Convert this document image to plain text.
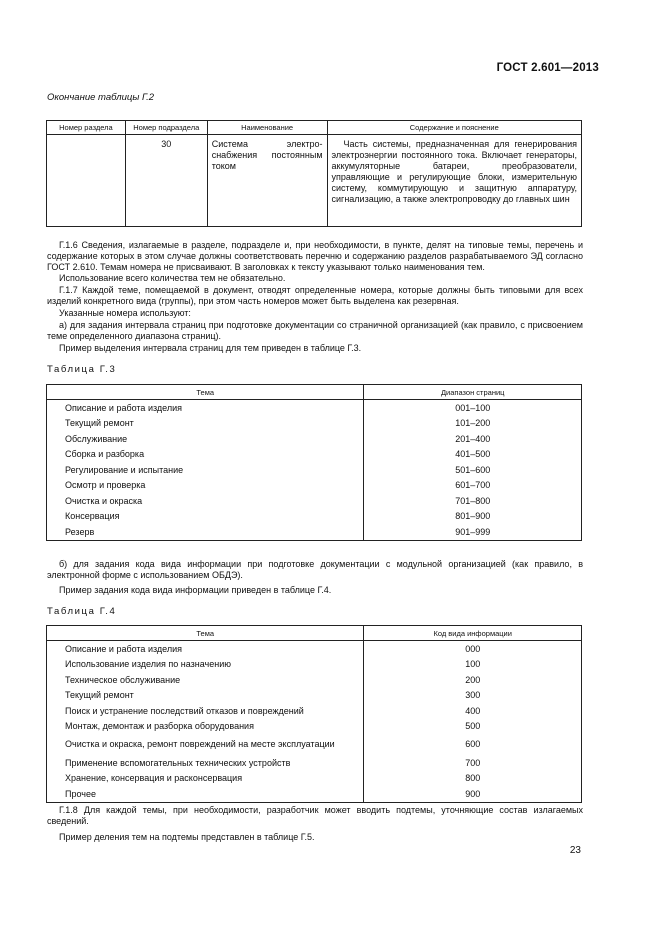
ГОСТ 2.601—2013
Окончание таблицы Г.2
Номер раздела	Номер подраздела	Наименование	Содержание и пояснение
	30	Система электро-снабжения постоянным током	Часть системы, предназначенная для генерирования электроэнергии постоянного тока. Включает генераторы, аккумуляторные батареи, преобразователи, управляющие и регулирующие блоки, измерительную систему, коммутирующую и защитную аппаратуру, сигнализацию, а также электропроводку до главных шин
Г.1.6 Сведения, излагаемые в разделе, подразделе и, при необходимости, в пункте, делят на типовые темы, перечень и содержание которых в этом случае должны соответствовать перечню и содержанию разделов разрабатываемого ЭД согласно ГОСТ 2.610. Темам номера не присваивают. В заголовках к тексту указывают только наименования тем.
Использование всего количества тем не обязательно.
Г.1.7 Каждой теме, помещаемой в документ, отводят определенные номера, которые должны быть типовыми для всех изделий конкретного вида (группы), при этом часть номеров может быть выделена как резервная.
Указанные номера используют:
а) для задания интервала страниц при подготовке документации со страничной организацией (как правило, с присвоением теме определенного диапазона страниц).
Пример выделения интервала страниц для тем приведен в таблице Г.3.
Таблица Г.3
Тема	Диапазон страниц
Описание и работа изделия	001–100
Текущий ремонт	101–200
Обслуживание	201–400
Сборка и разборка	401–500
Регулирование и испытание	501–600
Осмотр и проверка	601–700
Очистка и окраска	701–800
Консервация	801–900
Резерв	901–999
б) для задания кода вида информации при подготовке документации с модульной организацией (как правило, в электронной форме с использованием ОБДЭ).
Пример задания кода вида информации приведен в таблице Г.4.
Таблица Г.4
Тема	Код вида информации
Описание и работа изделия	000
Использование изделия по назначению	100
Техническое обслуживание	200
Текущий ремонт	300
Поиск и устранение последствий отказов и повреждений	400
Монтаж, демонтаж и разборка оборудования	500
Очистка и окраска, ремонт повреждений на месте эксплуатации	600
Применение вспомогательных технических устройств	700
Хранение, консервация и расконсервация	800
Прочее	900
Г.1.8 Для каждой темы, при необходимости, разработчик может вводить подтемы, уточняющие состав излагаемых сведений.
Пример деления тем на подтемы представлен в таблице Г.5.
23
